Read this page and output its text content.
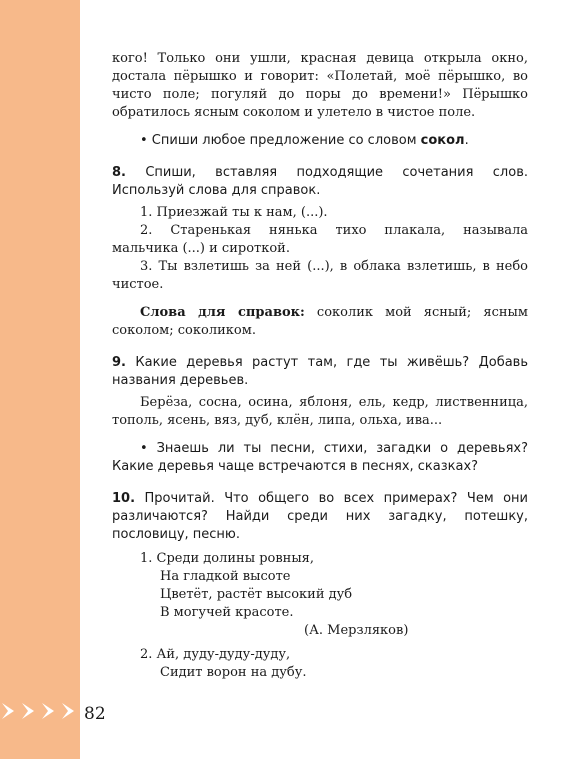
82

кого! Только они ушли, красная девица открыла окно, достала пёрышко и говорит: «Полетай, моё пёрышко, во чисто поле; погуляй до поры до времени!» Пёрышко обратилось ясным соколом и улетело в чистое поле.

• Спиши любое предложение со словом сокол.

8. Спиши, вставляя подходящие сочетания слов. Используй слова для справок.

1. Приезжай ты к нам, (...).

2. Старенькая нянька тихо плакала, называла мальчика (...) и сироткой.

3. Ты взлетишь за ней (...), в облака взлетишь, в небо чистое.

Слова для справок: соколик мой ясный; ясным соколом; соколиком.

9. Какие деревья растут там, где ты живёшь? Добавь названия деревьев.

Берёза, сосна, осина, яблоня, ель, кедр, лиственница, тополь, ясень, вяз, дуб, клён, липа, ольха, ива...

• Знаешь ли ты песни, стихи, загадки о деревьях? Какие деревья чаще встречаются в песнях, сказках?

10. Прочитай. Что общего во всех примерах? Чем они различаются? Найди среди них загадку, потешку, пословицу, песню.

1. Среди долины ровныя,
На гладкой высоте
Цветёт, растёт высокий дуб
В могучей красоте.
(А. Мерзляков)
2. Ай, дуду-дуду-дуду,
Сидит ворон на дубу.
